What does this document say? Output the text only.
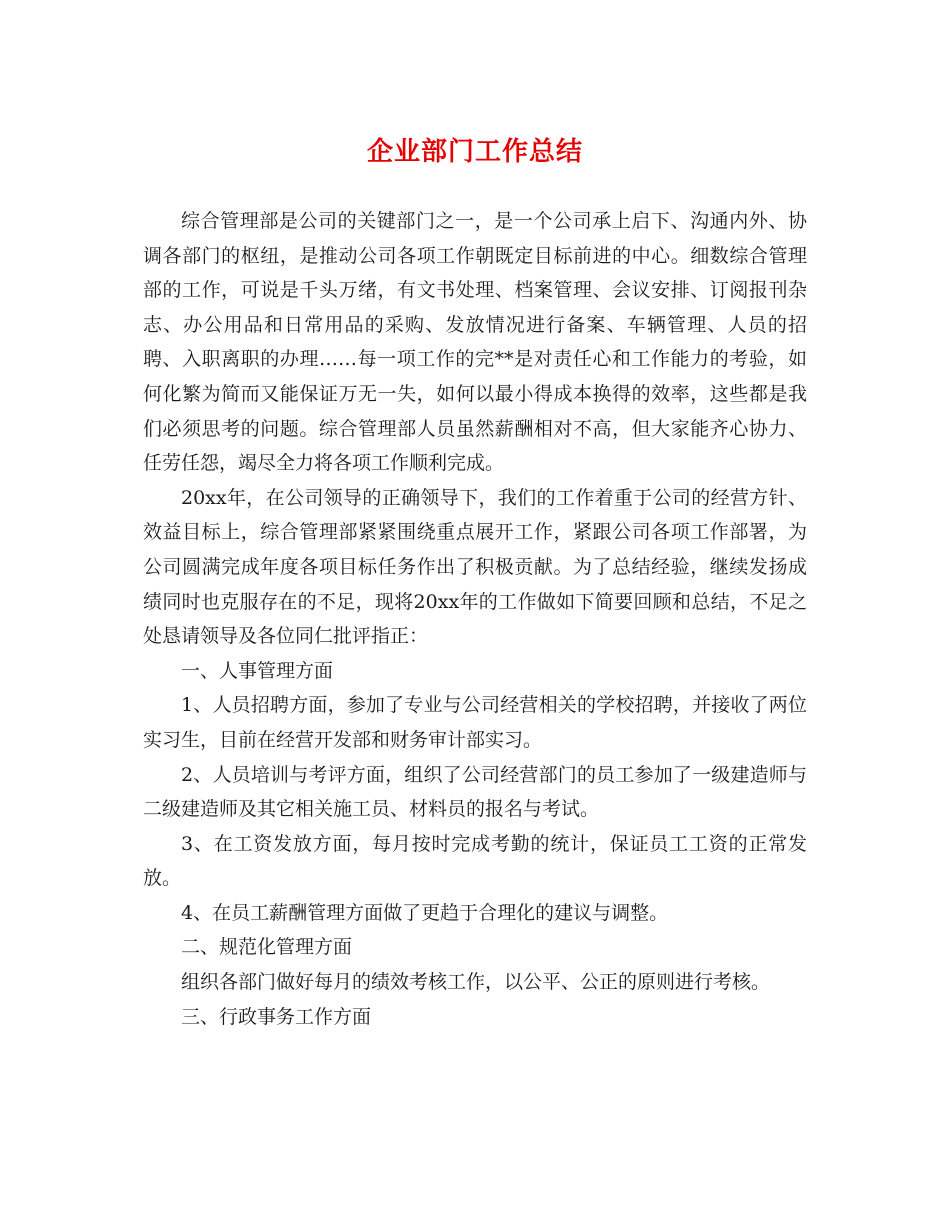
企业部门工作总结

综合管理部是公司的关键部门之一，是一个公司承上启下、沟通内外、协调各部门的枢纽，是推动公司各项工作朝既定目标前进的中心。细数综合管理部的工作，可说是千头万绪，有文书处理、档案管理、会议安排、订阅报刊杂志、办公用品和日常用品的采购、发放情况进行备案、车辆管理、人员的招聘、入职离职的办理……每一项工作的完**是对责任心和工作能力的考验，如何化繁为简而又能保证万无一失，如何以最小得成本换得的效率，这些都是我们必须思考的问题。综合管理部人员虽然薪酬相对不高，但大家能齐心协力、任劳任怨，竭尽全力将各项工作顺利完成。

20xx年，在公司领导的正确领导下，我们的工作着重于公司的经营方针、效益目标上，综合管理部紧紧围绕重点展开工作，紧跟公司各项工作部署，为公司圆满完成年度各项目标任务作出了积极贡献。为了总结经验，继续发扬成绩同时也克服存在的不足，现将20xx年的工作做如下简要回顾和总结，不足之处恳请领导及各位同仁批评指正：

一、人事管理方面

1、人员招聘方面，参加了专业与公司经营相关的学校招聘，并接收了两位实习生，目前在经营开发部和财务审计部实习。

2、人员培训与考评方面，组织了公司经营部门的员工参加了一级建造师与二级建造师及其它相关施工员、材料员的报名与考试。

3、在工资发放方面，每月按时完成考勤的统计，保证员工工资的正常发放。

4、在员工薪酬管理方面做了更趋于合理化的建议与调整。

二、规范化管理方面

组织各部门做好每月的绩效考核工作，以公平、公正的原则进行考核。

三、行政事务工作方面
